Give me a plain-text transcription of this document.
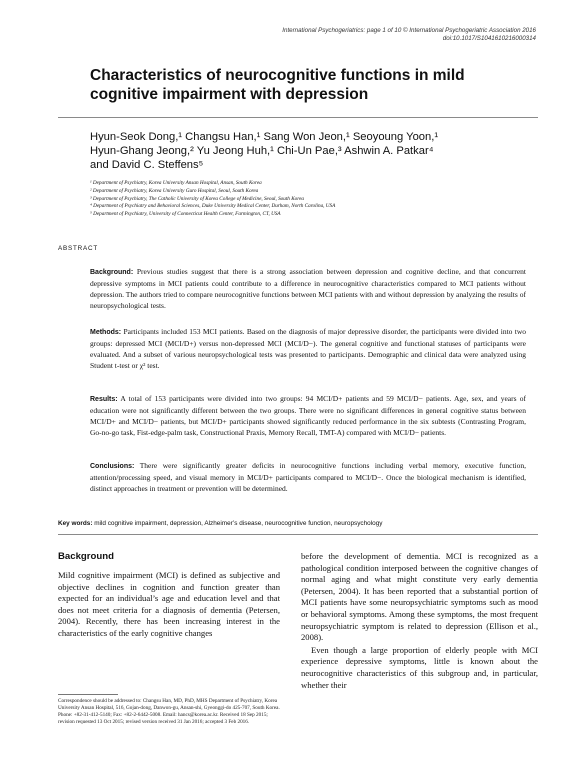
International Psychogeriatrics: page 1 of 10 © International Psychogeriatric Association 2016
doi:10.1017/S1041610216000314
Characteristics of neurocognitive functions in mild cognitive impairment with depression
Hyun-Seok Dong,¹ Changsu Han,¹ Sang Won Jeon,¹ Seoyoung Yoon,¹
Hyun-Ghang Jeong,² Yu Jeong Huh,¹ Chi-Un Pae,³ Ashwin A. Patkar⁴
and David C. Steffens⁵
¹ Department of Psychiatry, Korea University Ansan Hospital, Ansan, South Korea
² Department of Psychiatry, Korea University Guro Hospital, Seoul, South Korea
³ Department of Psychiatry, The Catholic University of Korea College of Medicine, Seoul, South Korea
⁴ Department of Psychiatry and Behavioral Sciences, Duke University Medical Center, Durham, North Carolina, USA
⁵ Department of Psychiatry, University of Connecticut Health Center, Farmington, CT, USA
ABSTRACT

Background: Previous studies suggest that there is a strong association between depression and cognitive decline, and that concurrent depressive symptoms in MCI patients could contribute to a difference in neurocognitive characteristics compared to MCI patients without depression. The authors tried to compare neurocognitive functions between MCI patients with and without depression by analyzing the results of neuropsychological tests.

Methods: Participants included 153 MCI patients. Based on the diagnosis of major depressive disorder, the participants were divided into two groups: depressed MCI (MCI/D+) versus non-depressed MCI (MCI/D−). The general cognitive and functional statuses of participants were evaluated. And a subset of various neuropsychological tests was presented to participants. Demographic and clinical data were analyzed using Student t-test or χ² test.

Results: A total of 153 participants were divided into two groups: 94 MCI/D+ patients and 59 MCI/D− patients. Age, sex, and years of education were not significantly different between the two groups. There were no significant differences in general cognitive status between MCI/D+ and MCI/D− patients, but MCI/D+ participants showed significantly reduced performance in the six subtests (Contrasting Program, Go-no-go task, Fist-edge-palm task, Constructional Praxis, Memory Recall, TMT-A) compared with MCI/D− patients.

Conclusions: There were significantly greater deficits in neurocognitive functions including verbal memory, executive function, attention/processing speed, and visual memory in MCI/D+ participants compared to MCI/D−. Once the biological mechanism is identified, distinct approaches in treatment or prevention will be determined.

Key words: mild cognitive impairment, depression, Alzheimer’s disease, neurocognitive function, neuropsychology
Background

Mild cognitive impairment (MCI) is defined as subjective and objective declines in cognition and function greater than expected for an individual’s age and education level and that does not meet criteria for a diagnosis of dementia (Petersen, 2004). Recently, there has been increasing interest in the characteristics of the early cognitive changes

before the development of dementia. MCI is recognized as a pathological condition interposed between the cognitive changes of normal aging and what might constitute very early dementia (Petersen, 2004). It has been reported that a substantial portion of MCI patients have some neuropsychiatric symptoms such as mood or behavioral symptoms. Among these symptoms, the most frequent neuropsychiatric symptom is related to depression (Ellison et al., 2008).

Even though a large proportion of elderly people with MCI experience depressive symptoms, little is known about the neurocognitive characteristics of this subgroup and, in particular, whether their

Correspondence should be addressed to: Changsu Han, MD, PhD, MHS Department of Psychiatry, Korea University Ansan Hospital, 516, Gojan-dong, Danwon-gu, Ansan-shi, Gyeonggi-do 425-707, South Korea. Phone: +82-31-412-5140; Fax: +82-2-6442-5008. Email: hancs@korea.ac.kr. Received 18 Sep 2015; revision requested 13 Oct 2015; revised version received 31 Jan 2016; accepted 3 Feb 2016.
